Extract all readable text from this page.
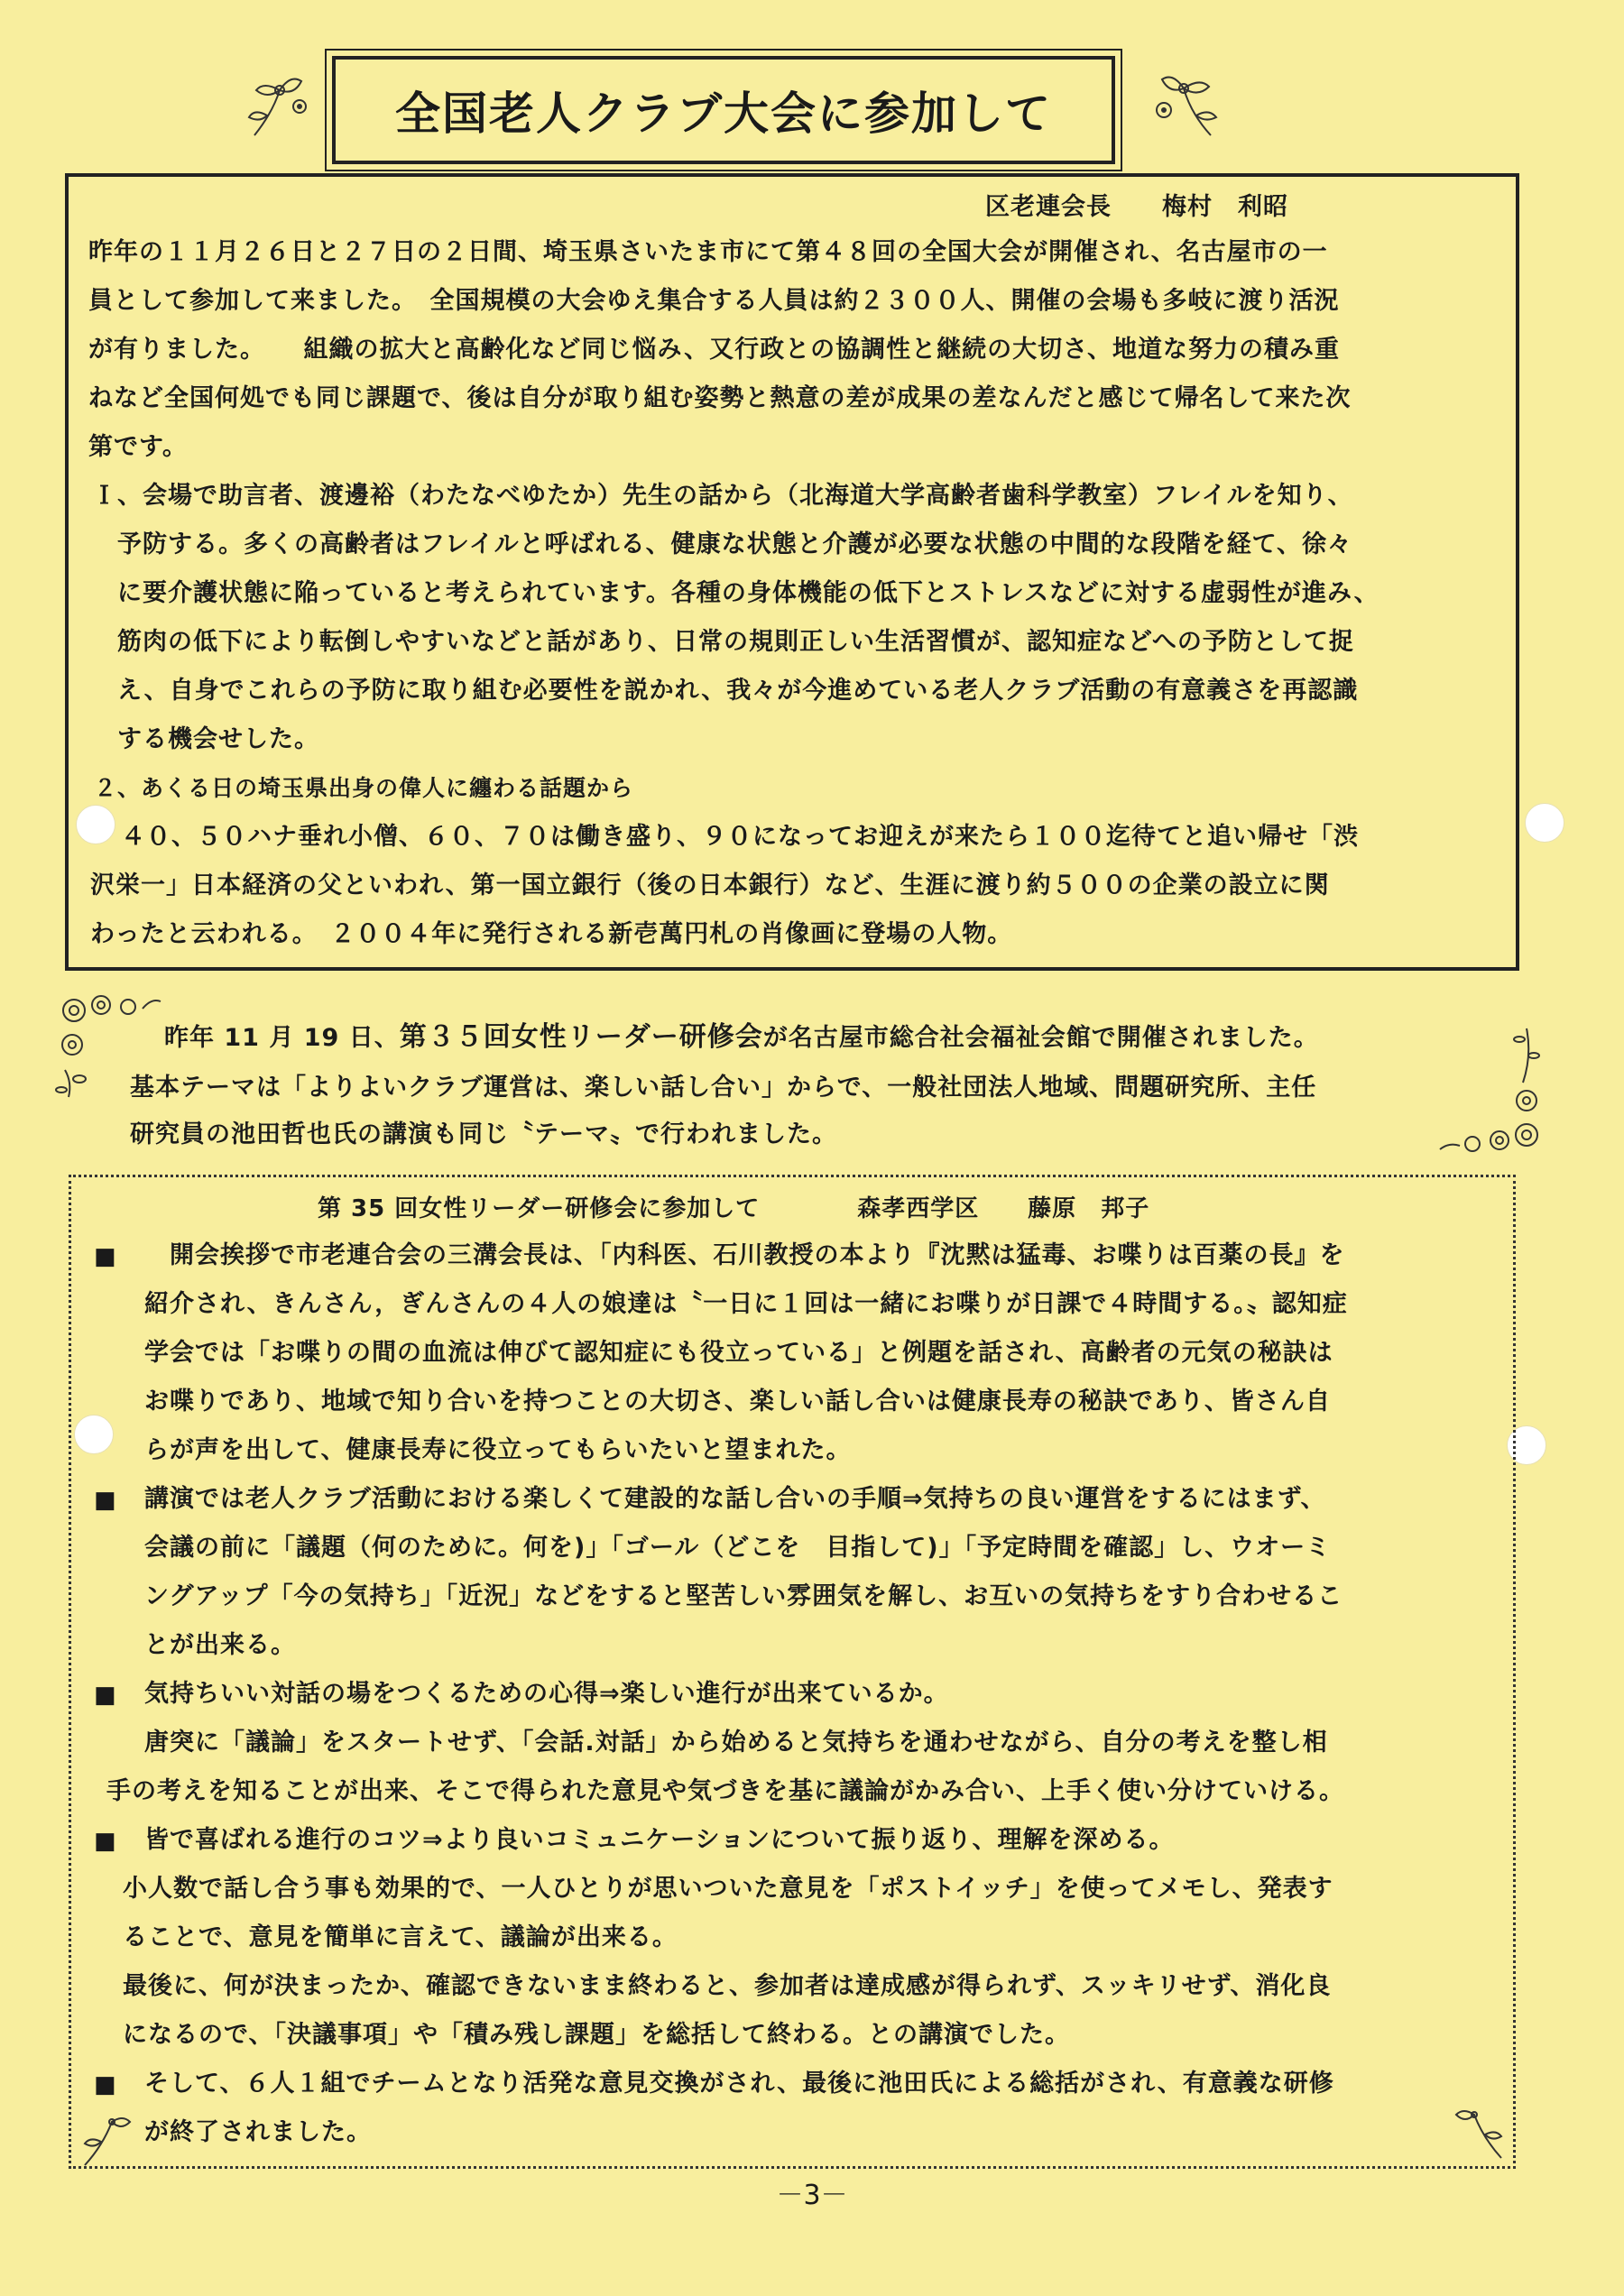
全国老人クラブ大会に参加して
区老連会長　　梅村　利昭
昨年の１１月２６日と２７日の２日間、埼玉県さいたま市にて第４８回の全国大会が開催され、名古屋市の一
員として参加して来ました。　全国規模の大会ゆえ集合する人員は約２３００人、開催の会場も多岐に渡り活況
が有りました。　　組織の拡大と高齢化など同じ悩み、又行政との協調性と継続の大切さ、地道な努力の積み重
ねなど全国何処でも同じ課題で、後は自分が取り組む姿勢と熱意の差が成果の差なんだと感じて帰名して来た次
第です。
Ｉ、会場で助言者、渡邊裕（わたなべゆたか）先生の話から（北海道大学高齢者歯科学教室）フレイルを知り、
予防する。多くの高齢者はフレイルと呼ばれる、健康な状態と介護が必要な状態の中間的な段階を経て、徐々
に要介護状態に陥っていると考えられています。各種の身体機能の低下とストレスなどに対する虚弱性が進み、
筋肉の低下により転倒しやすいなどと話があり、日常の規則正しい生活習慣が、認知症などへの予防として捉
え、自身でこれらの予防に取り組む必要性を説かれ、我々が今進めている老人クラブ活動の有意義さを再認識
する機会せした。
２、あくる日の埼玉県出身の偉人に纏わる話題から
４０、５０ハナ垂れ小僧、６０、７０は働き盛り、９０になってお迎えが来たら１００迄待てと追い帰せ「渋
沢栄一」日本経済の父といわれ、第一国立銀行（後の日本銀行）など、生涯に渡り約５００の企業の設立に関
わったと云われる。　２００４年に発行される新壱萬円札の肖像画に登場の人物。
昨年 11 月 19 日、第３５回女性リーダー研修会が名古屋市総合社会福祉会館で開催されました。
基本テーマは「よりよいクラブ運営は、楽しい話し合い」からで、一般社団法人地域、問題研究所、主任
研究員の池田哲也氏の講演も同じ〝テーマ〟で行われました。
第 35 回女性リーダー研修会に参加して　　　　森孝西学区　　藤原　邦子
■
■
■
■
■
　開会挨拶で市老連合会の三溝会長は、「内科医、石川教授の本より『沈黙は猛毒、お喋りは百薬の長』を
紹介され、きんさん，ぎんさんの４人の娘達は〝一日に１回は一緒にお喋りが日課で４時間する。〟認知症
学会では「お喋りの間の血流は伸びて認知症にも役立っている」と例題を話され、高齢者の元気の秘訣は
お喋りであり、地域で知り合いを持つことの大切さ、楽しい話し合いは健康長寿の秘訣であり、皆さん自
らが声を出して、健康長寿に役立ってもらいたいと望まれた。
講演では老人クラブ活動における楽しくて建設的な話し合いの手順⇒気持ちの良い運営をするにはまず、
会議の前に「議題（何のために。何を)」「ゴール（どこを　目指して)」「予定時間を確認」し、ウオーミ
ングアップ「今の気持ち」「近況」などをすると堅苦しい雰囲気を解し、お互いの気持ちをすり合わせるこ
とが出来る。
気持ちいい対話の場をつくるための心得⇒楽しい進行が出来ているか。
唐突に「議論」をスタートせず、「会話.対話」から始めると気持ちを通わせながら、自分の考えを整し相
手の考えを知ることが出来、そこで得られた意見や気づきを基に議論がかみ合い、上手く使い分けていける。
皆で喜ばれる進行のコツ⇒より良いコミュニケーションについて振り返り、理解を深める。
小人数で話し合う事も効果的で、一人ひとりが思いついた意見を「ポストイッチ」を使ってメモし、発表す
ることで、意見を簡単に言えて、議論が出来る。
最後に、何が決まったか、確認できないまま終わると、参加者は達成感が得られず、スッキリせず、消化良
になるので、「決議事項」や「積み残し課題」を総括して終わる。との講演でした。
そして、６人１組でチームとなり活発な意見交換がされ、最後に池田氏による総括がされ、有意義な研修
が終了されました。
－3－
